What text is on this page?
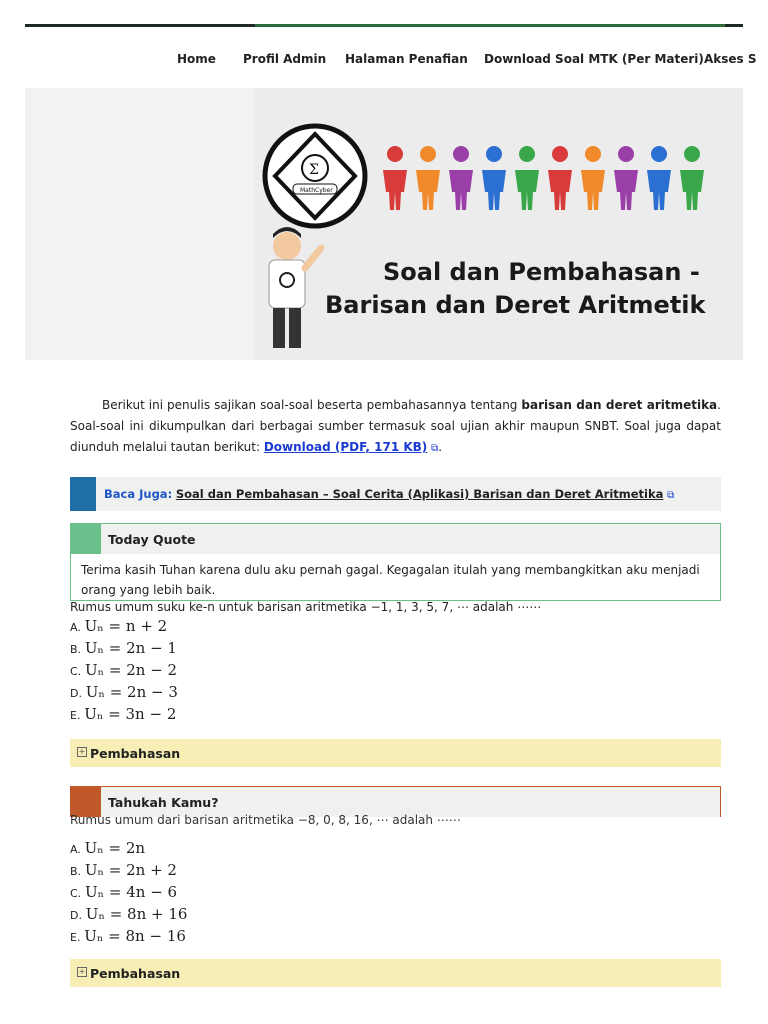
Home Profil Admin Halaman Penafian Download Soal MTK (Per Materi) Akses S
Σ
MathCyber
Soal dan Pembahasan -
Barisan dan Deret Aritmetik

Berikut ini penulis sajikan soal-soal beserta pembahasannya tentang barisan dan deret aritmetika. Soal-soal ini dikumpulkan dari berbagai sumber termasuk soal ujian akhir maupun SNBT. Soal juga dapat diunduh melalui tautan berikut: Download (PDF, 171 KB) ⧉.

Baca Juga: Soal dan Pembahasan – Soal Cerita (Aplikasi) Barisan dan Deret Aritmetika ⧉
Today Quote
Terima kasih Tuhan karena dulu aku pernah gagal. Kegagalan itulah yang membangkitkan aku menjadi orang yang lebih baik.
Rumus umum suku ke-n untuk barisan aritmetika −1, 1, 3, 5, 7, ⋯ adalah ⋯⋯
A. Uₙ = n + 2
B. Uₙ = 2n − 1
C. Uₙ = 2n − 2
D. Uₙ = 2n − 3
E. Uₙ = 3n − 2
+ Pembahasan
Tahukah Kamu?
Rumus umum dari barisan aritmetika −8, 0, 8, 16, ⋯ adalah ⋯⋯
A. Uₙ = 2n
B. Uₙ = 2n + 2
C. Uₙ = 4n − 6
D. Uₙ = 8n + 16
E. Uₙ = 8n − 16
+ Pembahasan
